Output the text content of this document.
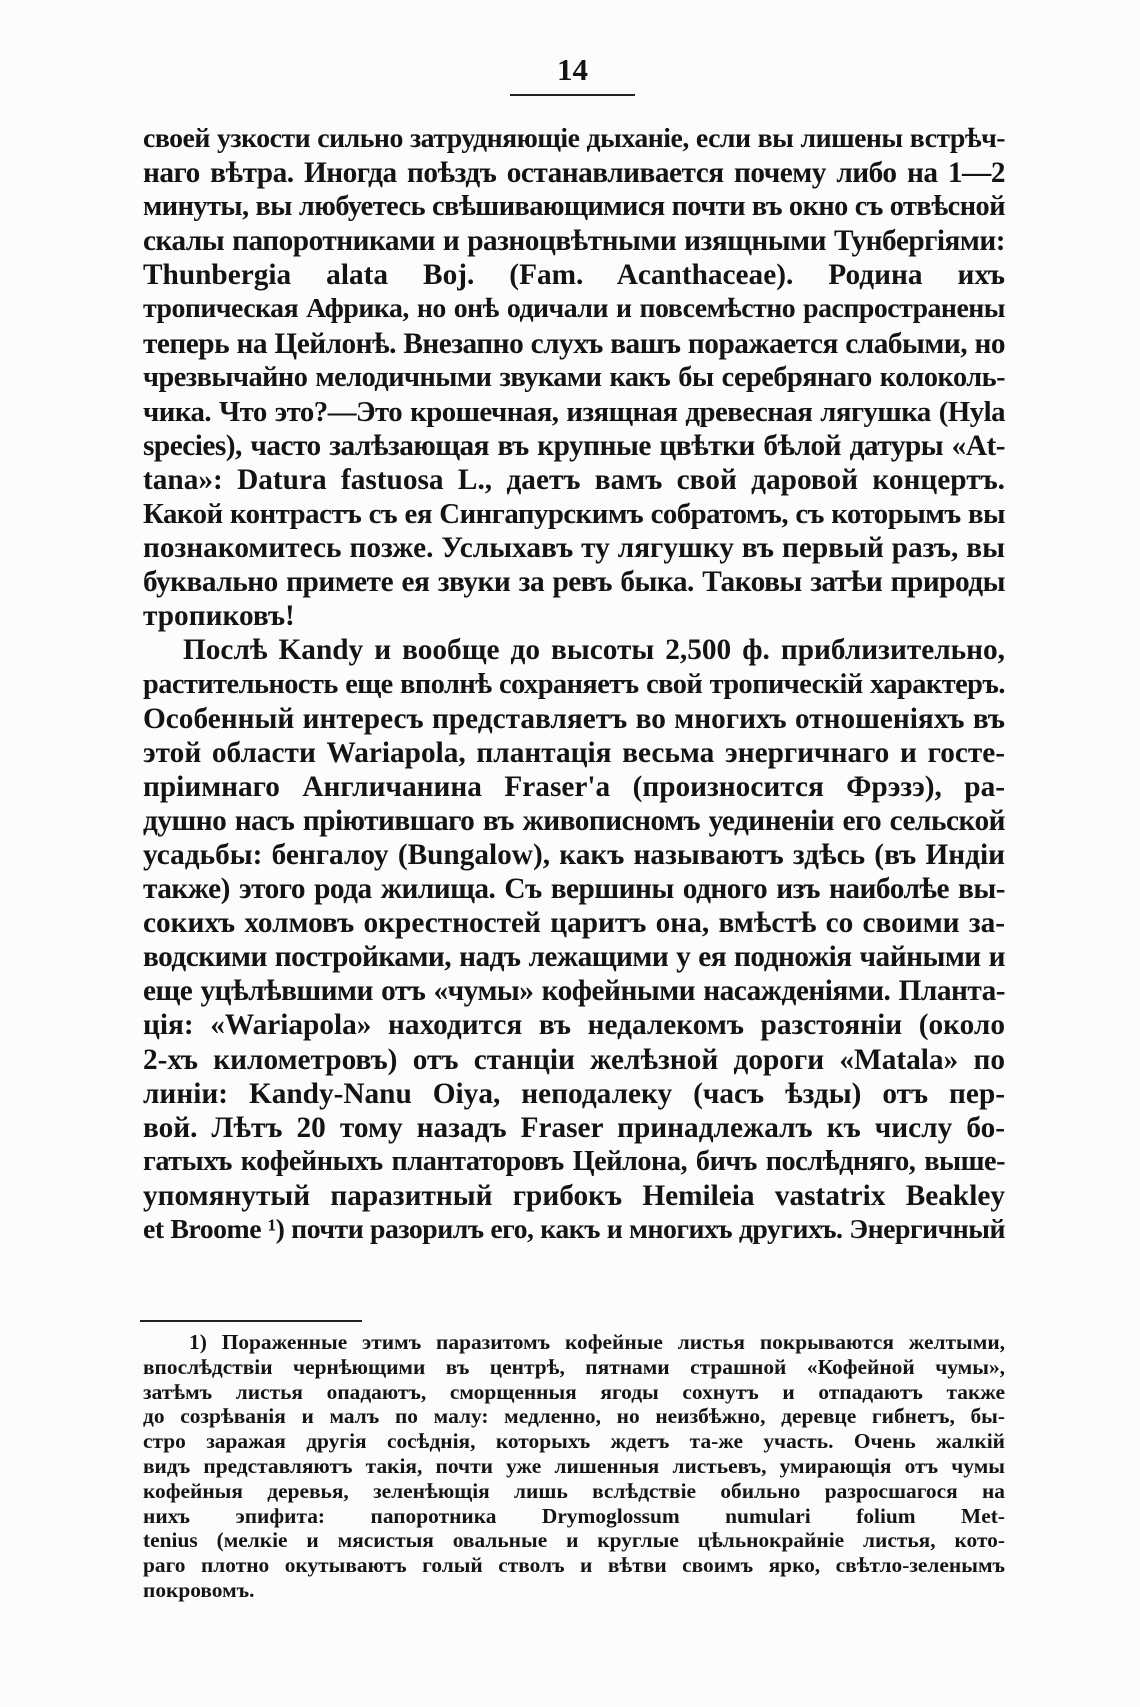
14
своей узкости сильно затрудняющіе дыханіе, если вы лишены встрѣч-
наго вѣтра. Иногда поѣздъ останавливается почему либо на 1—2
минуты, вы любуетесь свѣшивающимися почти въ окно съ отвѣсной
скалы папоротниками и разноцвѣтными изящными Тунбергіями:
Thunbergia alata Boj. (Fam. Acanthaceae). Родина ихъ
тропическая Африка, но онѣ одичали и повсемѣстно распространены
теперь на Цейлонѣ. Внезапно слухъ вашъ поражается слабыми, но
чрезвычайно мелодичными звуками какъ бы серебрянаго колоколь-
чика. Что это?—Это крошечная, изящная древесная лягушка (Hyla
species), часто залѣзающая въ крупные цвѣтки бѣлой датуры «At-
tana»: Datura fastuosa L., даетъ вамъ свой даровой концертъ.
Какой контрастъ съ ея Сингапурскимъ собратомъ, съ которымъ вы
познакомитесь позже. Услыхавъ ту лягушку въ первый разъ, вы
буквально примете ея звуки за ревъ быка. Таковы затѣи природы
тропиковъ!
Послѣ Kandy и вообще до высоты 2,500 ф. приблизительно,
растительность еще вполнѣ сохраняетъ свой тропическій характеръ.
Особенный интересъ представляетъ во многихъ отношеніяхъ въ
этой области Wariapola, плантація весьма энергичнаго и госте-
пріимнаго Англичанина Fraser'а (произносится Фрэзэ), ра-
душно насъ пріютившаго въ живописномъ уединеніи его сельской
усадьбы: бенгалоу (Bungalow), какъ называютъ здѣсь (въ Индіи
также) этого рода жилища. Съ вершины одного изъ наиболѣе вы-
сокихъ холмовъ окрестностей царитъ она, вмѣстѣ со своими за-
водскими постройками, надъ лежащими у ея подножія чайными и
еще уцѣлѣвшими отъ «чумы» кофейными насажденіями. Планта-
ція: «Wariapola» находится въ недалекомъ разстояніи (около
2-хъ километровъ) отъ станціи желѣзной дороги «Matala» по
линіи: Kandy-Nanu Oiya, неподалеку (часъ ѣзды) отъ пер-
вой. Лѣтъ 20 тому назадъ Fraser принадлежалъ къ числу бо-
гатыхъ кофейныхъ плантаторовъ Цейлона, бичъ послѣдняго, выше-
упомянутый паразитный грибокъ Hemileia vastatrix Beakley
et Broome ¹) почти разорилъ его, какъ и многихъ другихъ. Энергичный
1) Пораженные этимъ паразитомъ кофейные листья покрываются желтыми,
впослѣдствіи чернѣющими въ центрѣ, пятнами страшной «Кофейной чумы»,
затѣмъ листья опадаютъ, сморщенныя ягоды сохнутъ и отпадаютъ также
до созрѣванія и малъ по малу: медленно, но неизбѣжно, деревце гибнетъ, бы-
стро заражая другія сосѣднія, которыхъ ждетъ та-же участь. Очень жалкій
видъ представляютъ такія, почти уже лишенныя листьевъ, умирающія отъ чумы
кофейныя деревья, зеленѣющія лишь вслѣдствіе обильно разросшагося на
нихъ эпифита: папоротника Drymoglossum numulari folium Met-
tenius (мелкіе и мясистыя овальные и круглые цѣльнокрайніе листья, кото-
раго плотно окутываютъ голый стволъ и вѣтви своимъ ярко, свѣтло-зеленымъ
покровомъ.
